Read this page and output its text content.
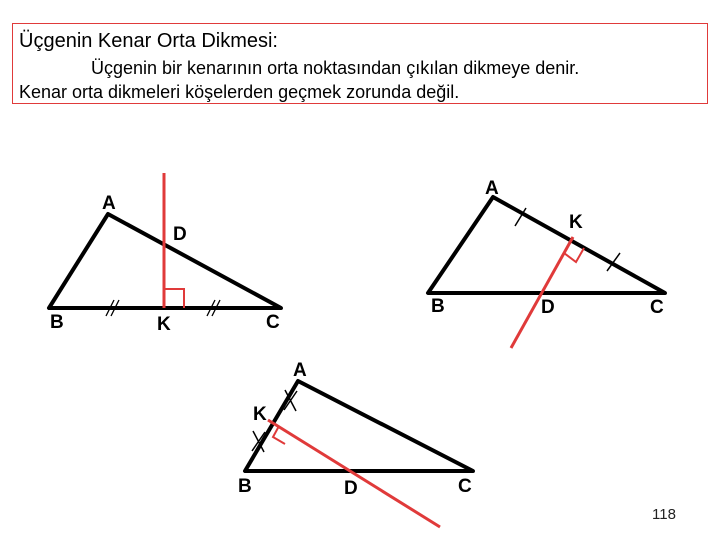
Üçgenin Kenar Orta Dikmesi:
Üçgenin bir kenarının orta noktasından çıkılan dikmeye denir.
Kenar orta dikmeleri köşelerden geçmek zorunda değil.
A
B	C
D
K
A
B	C
D
K
A
B	C
D
K
118
